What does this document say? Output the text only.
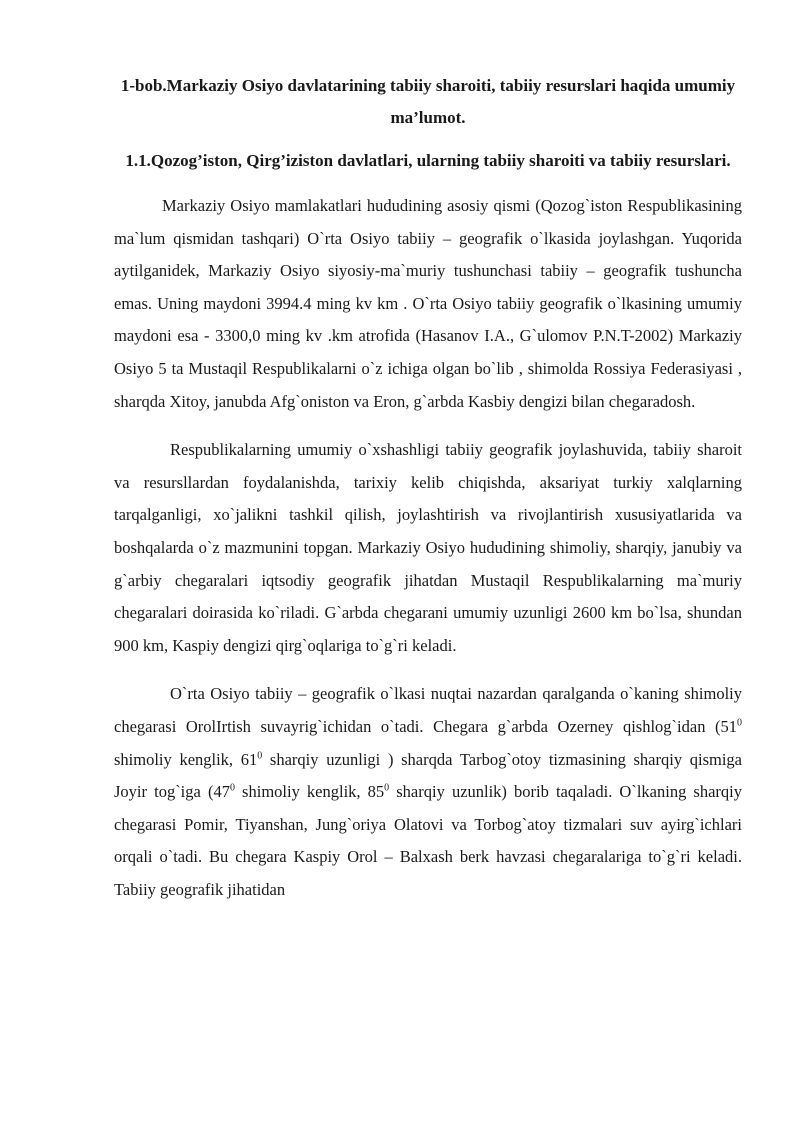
1-bob.Markaziy Osiyo davlatarining tabiiy sharoiti, tabiiy resurslari haqida umumiy ma’lumot.
1.1.Qozog’iston, Qirg’iziston davlatlari, ularning tabiiy sharoiti va tabiiy resurslari.

Markaziy Osiyo mamlakatlari hududining asosiy qismi (Qozog`iston Respublikasining ma`lum qismidan tashqari) O`rta Osiyo tabiiy – geografik o`lkasida joylashgan. Yuqorida aytilganidek, Markaziy Osiyo siyosiy-ma`muriy tushunchasi tabiiy – geografik tushuncha emas. Uning maydoni 3994.4 ming kv km . O`rta Osiyo tabiiy geografik o`lkasining umumiy maydoni esa - 3300,0 ming kv .km atrofida (Hasanov I.A., G`ulomov P.N.T-2002) Markaziy Osiyo 5 ta Mustaqil Respublikalarni o`z ichiga olgan bo`lib , shimolda Rossiya Federasiyasi , sharqda Xitoy, janubda Afg`oniston va Eron, g`arbda Kasbiy dengizi bilan chegaradosh.

Respublikalarning umumiy o`xshashligi tabiiy geografik joylashuvida, tabiiy sharoit va resursllardan foydalanishda, tarixiy kelib chiqishda, aksariyat turkiy xalqlarning tarqalganligi, xo`jalikni tashkil qilish, joylashtirish va rivojlantirish xususiyatlarida va boshqalarda o`z mazmunini topgan. Markaziy Osiyo hududining shimoliy, sharqiy, janubiy va g`arbiy chegaralari iqtsodiy geografik jihatdan Mustaqil Respublikalarning ma`muriy chegaralari doirasida ko`riladi. G`arbda chegarani umumiy uzunligi 2600 km bo`lsa, shundan 900 km, Kaspiy dengizi qirg`oqlariga to`g`ri keladi.

O`rta Osiyo tabiiy – geografik o`lkasi nuqtai nazardan qaralganda o`kaning shimoliy chegarasi OrolIrtish suvayrig`ichidan o`tadi. Chegara g`arbda Ozerney qishlog`idan ($51^0$ shimoliy kenglik, $61^0$ sharqiy uzunligi ) sharqda Tarbog`otoy tizmasining sharqiy qismiga Joyir tog`iga ($47^0$ shimoliy kenglik, $85^0$ sharqiy uzunlik) borib taqaladi. O`lkaning sharqiy chegarasi Pomir, Tiyanshan, Jung`oriya Olatovi va Torbog`atoy tizmalari suv ayirg`ichlari orqali o`tadi. Bu chegara Kaspiy Orol – Balxash berk havzasi chegaralariga to`g`ri keladi. Tabiiy geografik jihatidan
